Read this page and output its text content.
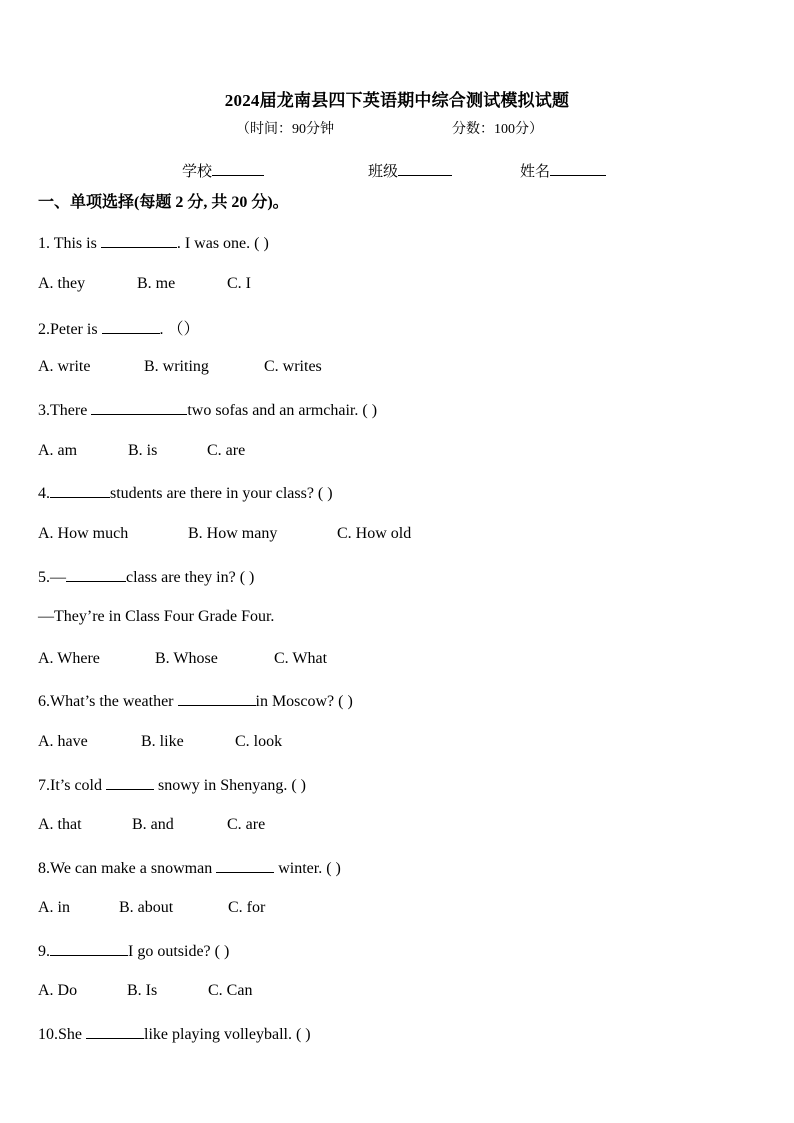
2024届龙南县四下英语期中综合测试模拟试题
（时间：90分钟	分数：100分）
学校	班级	姓名
一、单项选择(每题 2 分, 共 20 分)。
1. This is	. I was one. ( )
A. they	B. me	C. I
2.Peter is	. （）
A. write	B. writing	C. writes
3.There	two sofas and an armchair. ( )
A. am	B. is	C. are
4.	students are there in your class? ( )
A. How much	B. How many	C. How old
5.—	class are they in? ( )
—They’re in Class Four Grade Four.
A. Where	B. Whose	C. What
6.What’s the weather	in Moscow? ( )
A. have	B. like	C. look
7.It’s cold	snowy in Shenyang. ( )
A. that	B. and	C. are
8.We can make a snowman	winter. ( )
A. in	B. about	C. for
9.	I go outside? ( )
A. Do	B. Is	C. Can
10.She	like playing volleyball. ( )
